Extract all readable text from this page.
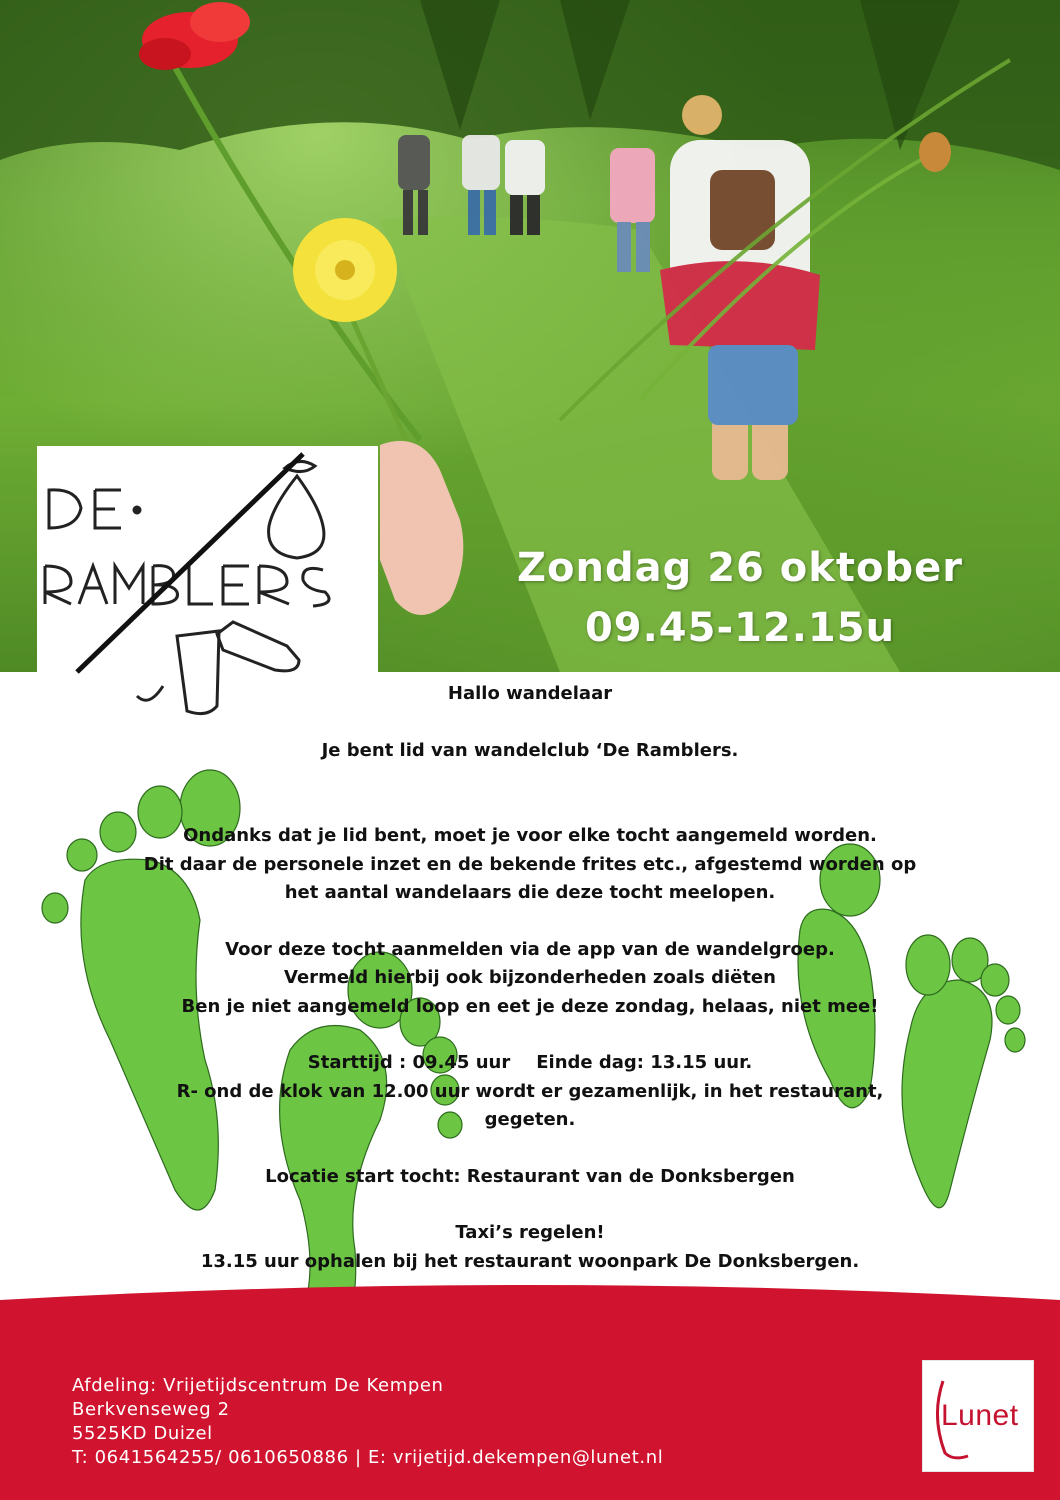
Zondag 26 oktober
09.45-12.15u

Hallo wandelaar

Je bent lid van wandelclub ‘De Ramblers.

Ondanks dat je lid bent, moet je voor elke tocht aangemeld worden.

Dit daar de personele inzet en de bekende frites etc., afgestemd worden op

het aantal wandelaars die deze tocht meelopen.

Voor deze tocht aanmelden via de app van de wandelgroep.

Vermeld hierbij ook bijzonderheden zoals diëten

Ben je niet aangemeld loop en eet je deze zondag, helaas, niet mee!

Starttijd : 09.45 uur Einde dag: 13.15 uur.

R- ond de klok van 12.00 uur wordt er gezamenlijk, in het restaurant,

gegeten.

Locatie start tocht: Restaurant van de Donksbergen

Taxi’s regelen!

13.15 uur ophalen bij het restaurant woonpark De Donksbergen.

Afdeling: Vrijetijdscentrum De Kempen
Berkvenseweg 2
5525KD Duizel
T: 0641564255/ 0610650886 | E: vrijetijd.dekempen@lunet.nl
Lunet
